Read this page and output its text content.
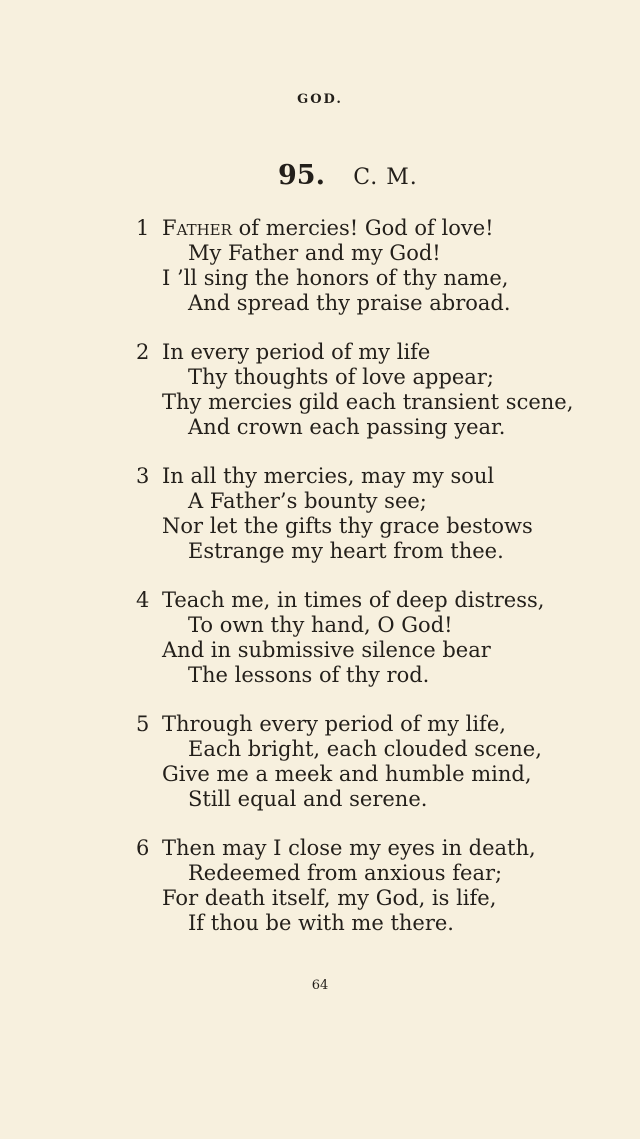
GOD.
95. C. M.
1 Father of mercies! God of love!
My Father and my God!
I ’ll sing the honors of thy name,
And spread thy praise abroad.
2 In every period of my life
Thy thoughts of love appear;
Thy mercies gild each transient scene,
And crown each passing year.
3 In all thy mercies, may my soul
A Father’s bounty see;
Nor let the gifts thy grace bestows
Estrange my heart from thee.
4 Teach me, in times of deep distress,
To own thy hand, O God!
And in submissive silence bear
The lessons of thy rod.
5 Through every period of my life,
Each bright, each clouded scene,
Give me a meek and humble mind,
Still equal and serene.
6 Then may I close my eyes in death,
Redeemed from anxious fear;
For death itself, my God, is life,
If thou be with me there.
64
